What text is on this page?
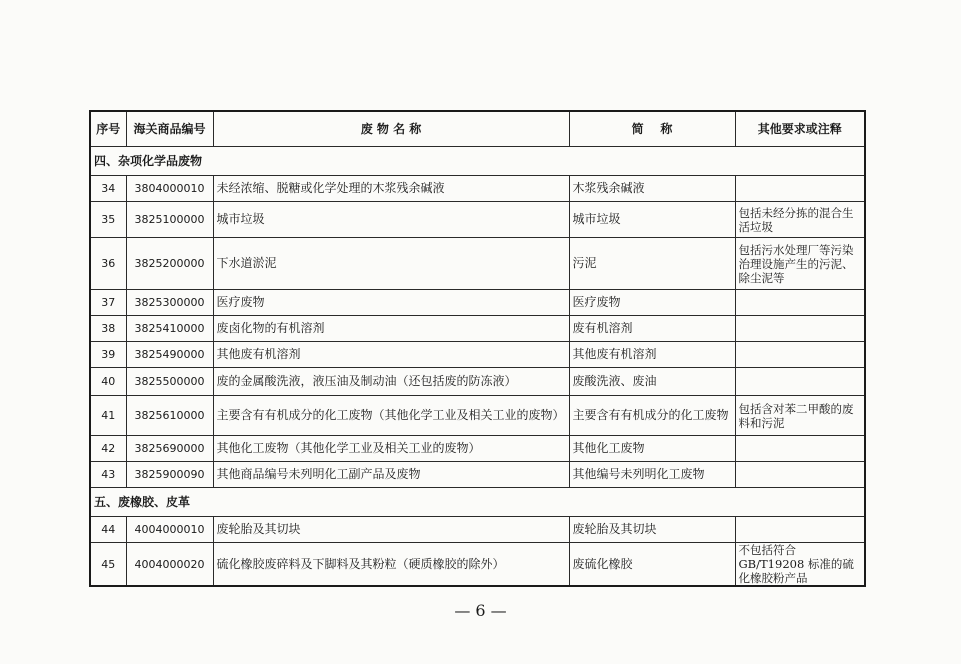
序号	海关商品编号	废 物 名 称	简    称	其他要求或注释
四、杂项化学品废物				
34	3804000010	未经浓缩、脱糖或化学处理的木浆残余碱液	木浆残余碱液	
35	3825100000	城市垃圾	城市垃圾	包括未经分拣的混合生活垃圾
36	3825200000	下水道淤泥	污泥	包括污水处理厂等污染治理设施产生的污泥、除尘泥等
37	3825300000	医疗废物	医疗废物	
38	3825410000	废卤化物的有机溶剂	废有机溶剂	
39	3825490000	其他废有机溶剂	其他废有机溶剂	
40	3825500000	废的金属酸洗液，液压油及制动油（还包括废的防冻液）	废酸洗液、废油	
41	3825610000	主要含有有机成分的化工废物（其他化学工业及相关工业的废物）	主要含有有机成分的化工废物	包括含对苯二甲酸的废料和污泥
42	3825690000	其他化工废物（其他化学工业及相关工业的废物）	其他化工废物	
43	3825900090	其他商品编号未列明化工副产品及废物	其他编号未列明化工废物	
五、废橡胶、皮革				
44	4004000010	废轮胎及其切块	废轮胎及其切块	
45	4004000020	硫化橡胶废碎料及下脚料及其粉粒（硬质橡胶的除外）	废硫化橡胶	不包括符合 GB/T19208 标准的硫化橡胶粉产品
— 6 —
